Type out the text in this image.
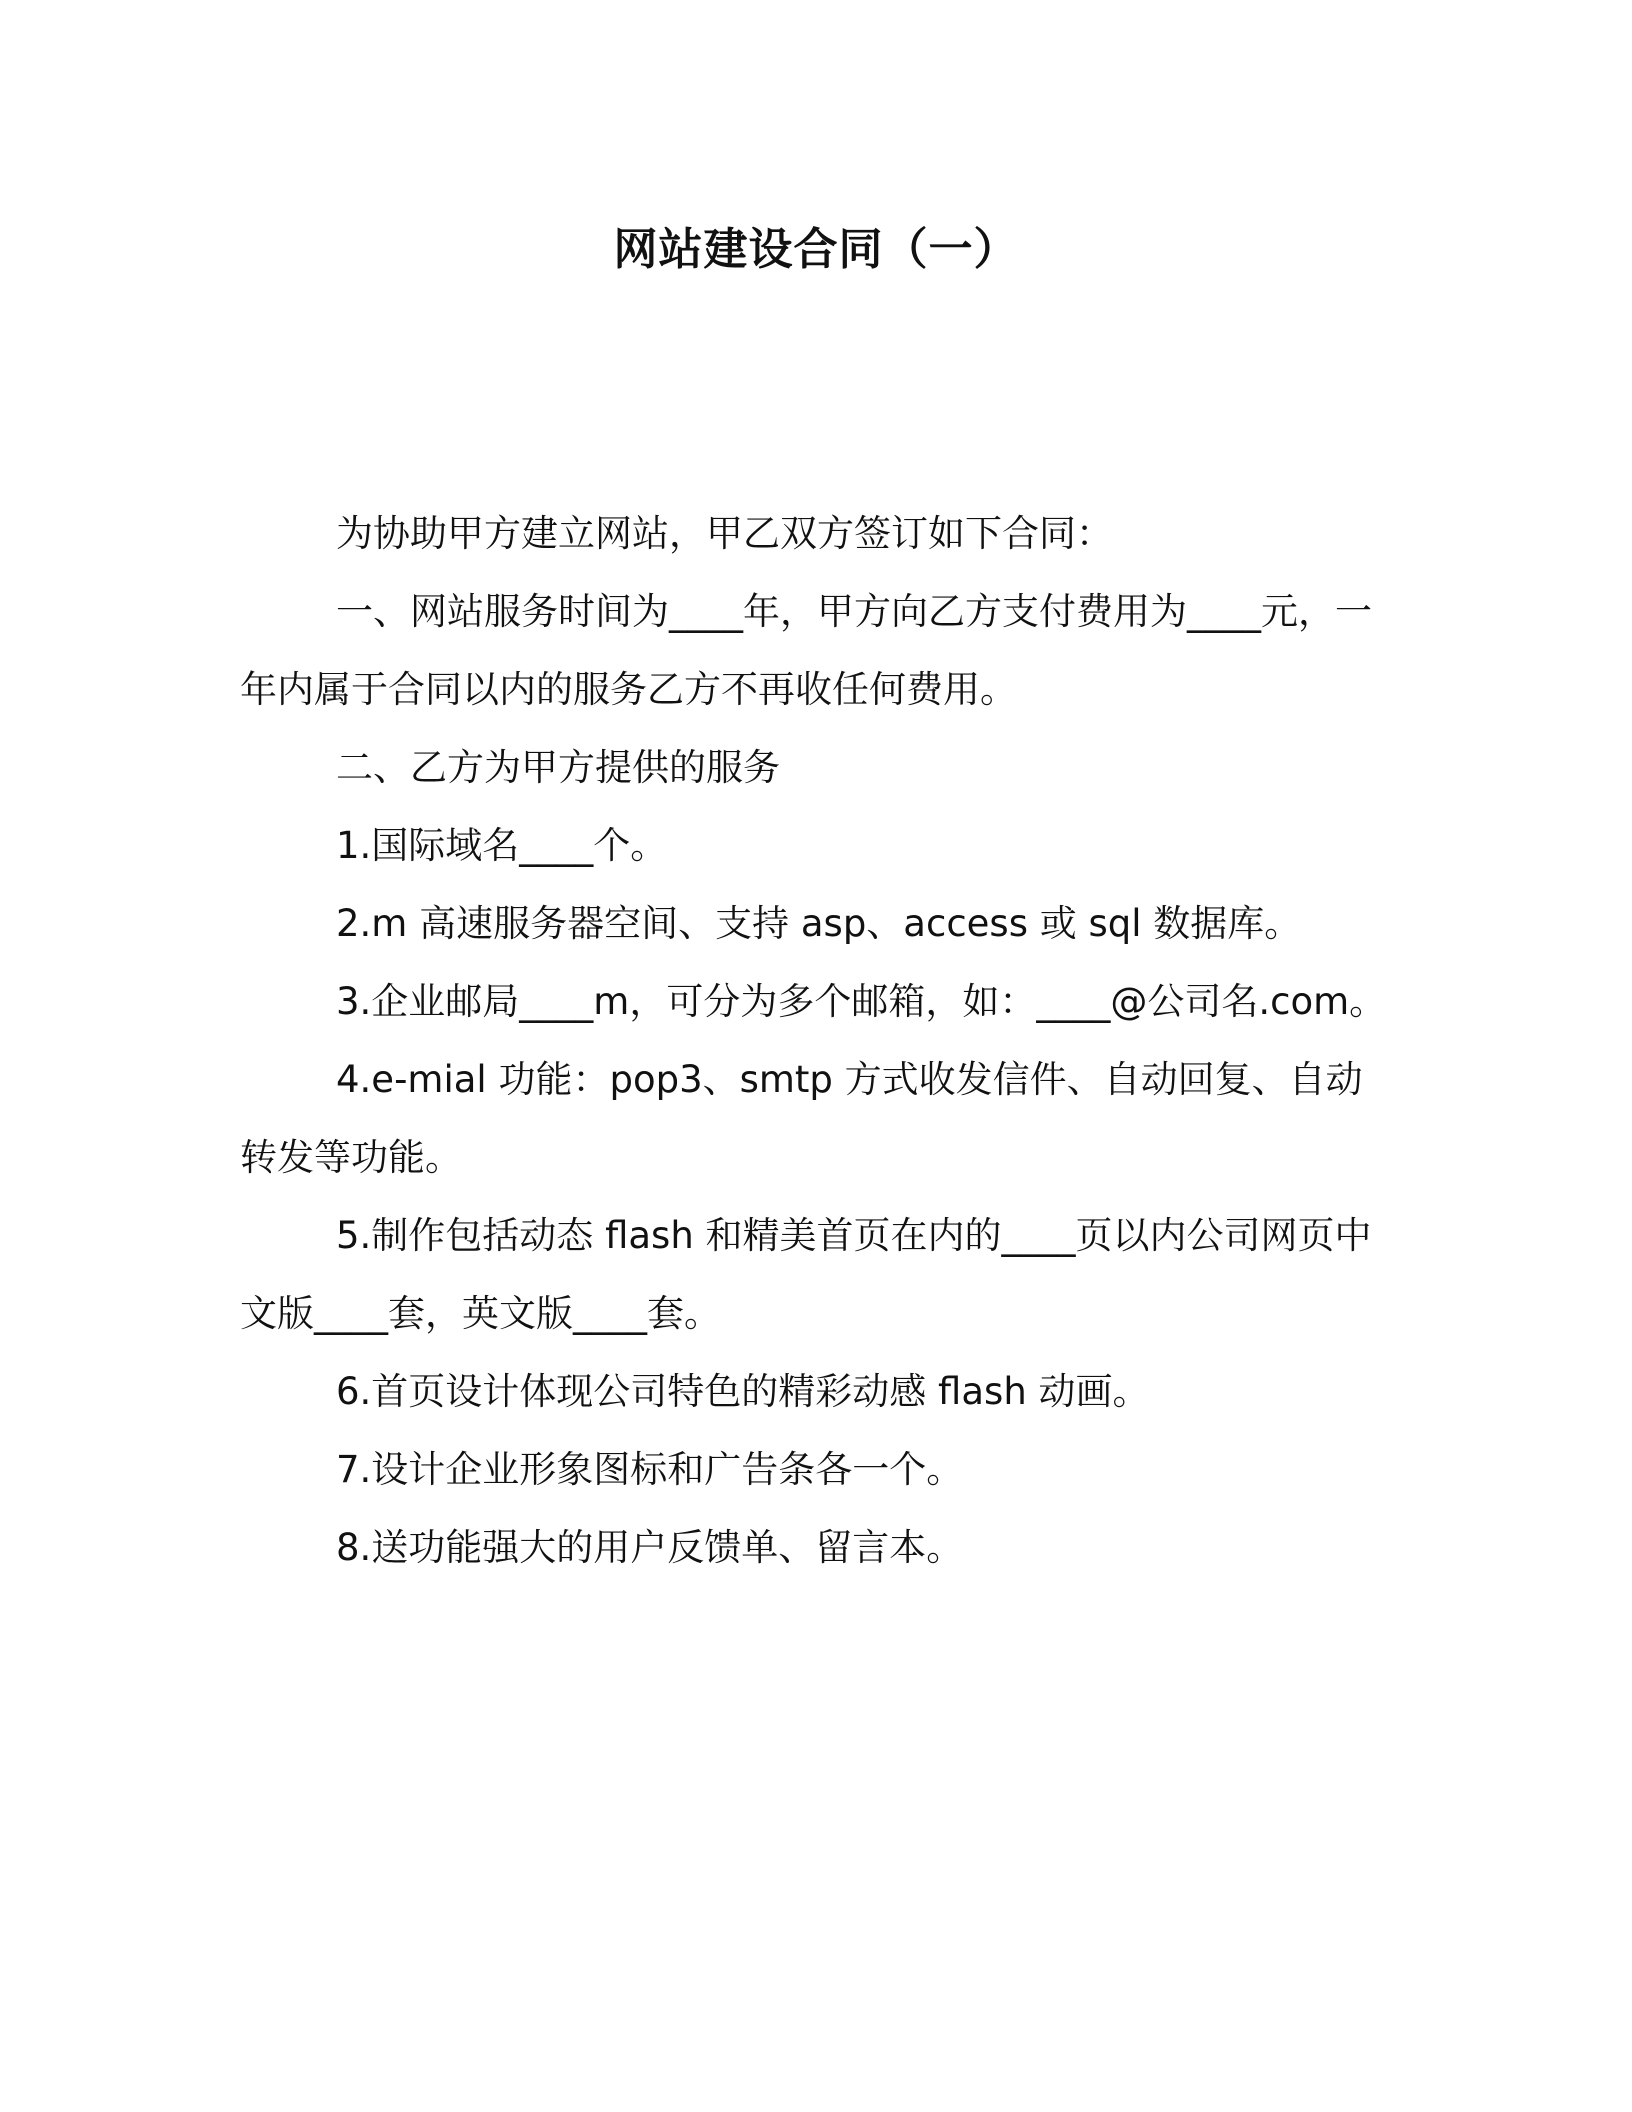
网站建设合同（一）

为协助甲方建立网站，甲乙双方签订如下合同：

一、网站服务时间为____年，甲方向乙方支付费用为____元，一年内属于合同以内的服务乙方不再收任何费用。

二、乙方为甲方提供的服务

1.国际域名____个。

2.m 高速服务器空间、支持 asp、access 或 sql 数据库。

3.企业邮局____m，可分为多个邮箱，如：____@公司名.com。

4.e-mial 功能：pop3、smtp 方式收发信件、自动回复、自动转发等功能。

5.制作包括动态 flash 和精美首页在内的____页以内公司网页中文版____套，英文版____套。

6.首页设计体现公司特色的精彩动感 flash 动画。

7.设计企业形象图标和广告条各一个。

8.送功能强大的用户反馈单、留言本。
